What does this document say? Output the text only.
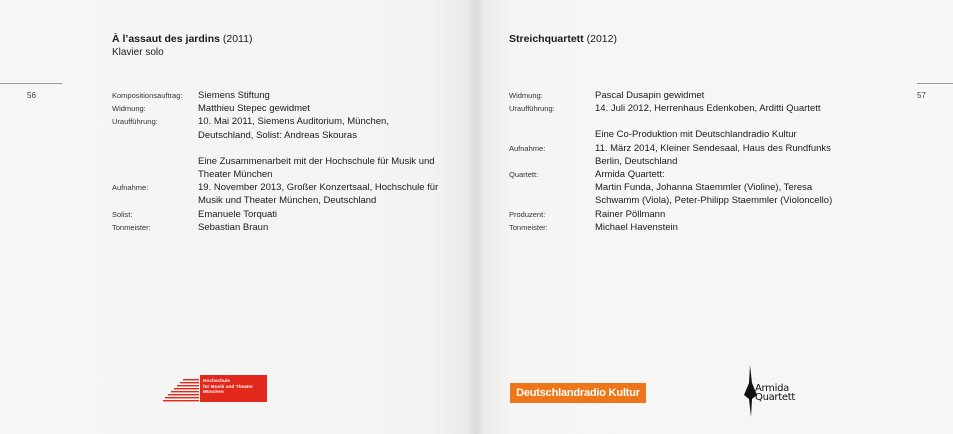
56
À l’assaut des jardins (2011)
Klavier solo
Kompositionsauftrag:	Siemens Stiftung
Widmung:	Matthieu Stepec gewidmet
Uraufführung:	10. Mai 2011, Siemens Auditorium, München,
Deutschland, Solist: Andreas Skouras
Eine Zusammenarbeit mit der Hochschule für Musik und
Theater München
Aufnahme:	19. November 2013, Großer Konzertsaal, Hochschule für
Musik und Theater München, Deutschland
Solist:	Emanuele Torquati
Tonmeister:	Sebastian Braun
Hochschule
für Musik und Theater
München
57
Streichquartett (2012)
Widmung:	Pascal Dusapin gewidmet
Uraufführung:	14. Juli 2012, Herrenhaus Edenkoben, Arditti Quartett
Eine Co-Produktion mit Deutschlandradio Kultur
Aufnahme:	11. März 2014, Kleiner Sendesaal, Haus des Rundfunks
Berlin, Deutschland
Quartett:	Armida Quartett:
Martin Funda, Johanna Staemmler (Violine), Teresa
Schwamm (Viola), Peter-Philipp Staemmler (Violoncello)
Produzent:	Rainer Pöllmann
Tonmeister:	Michael Havenstein
Deutschlandradio Kultur	Armida
Quartett
